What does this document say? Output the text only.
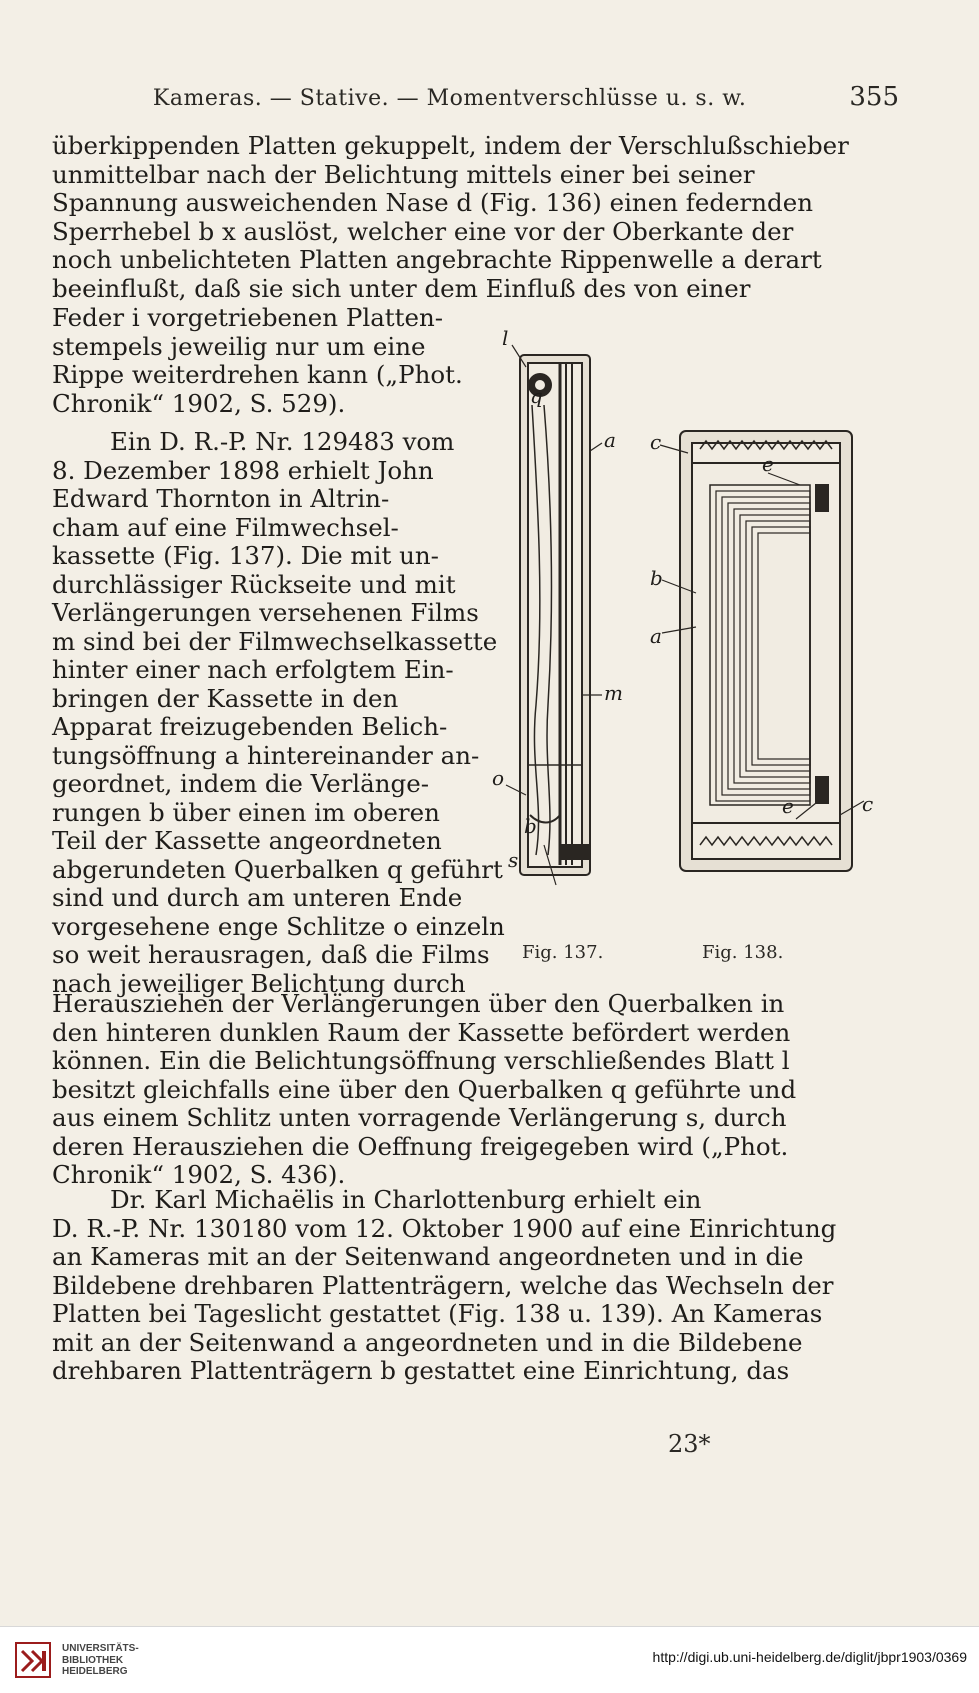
Kameras. — Stative. — Momentverschlüsse u. s. w.	355
überkippenden Platten gekuppelt, indem der Verschlußschieber
unmittelbar nach der Belichtung mittels einer bei seiner
Spannung ausweichenden Nase d (Fig. 136) einen federnden
Sperrhebel b x auslöst, welcher eine vor der Oberkante der
noch unbelichteten Platten angebrachte Rippenwelle a derart
beeinflußt, daß sie sich unter dem Einfluß des von einer
Feder i vorgetriebenen Platten-
stempels jeweilig nur um eine
Rippe weiterdrehen kann („Phot.
Chronik“ 1902, S. 529).
Ein D. R.-P. Nr. 129483 vom
8. Dezember 1898 erhielt John
Edward Thornton in Altrin-
cham auf eine Filmwechsel-
kassette (Fig. 137). Die mit un-
durchlässiger Rückseite und mit
Verlängerungen versehenen Films
m sind bei der Filmwechselkassette
hinter einer nach erfolgtem Ein-
bringen der Kassette in den
Apparat freizugebenden Belich-
tungsöffnung a hintereinander an-
geordnet, indem die Verlänge-
rungen b über einen im oberen
Teil der Kassette angeordneten
abgerundeten Querbalken q geführt
sind und durch am unteren Ende
vorgesehene enge Schlitze o einzeln
so weit herausragen, daß die Films
nach jeweiliger Belichtung durch
Herausziehen der Verlängerungen über den Querbalken in
den hinteren dunklen Raum der Kassette befördert werden
können. Ein die Belichtungsöffnung verschließendes Blatt l
besitzt gleichfalls eine über den Querbalken q geführte und
aus einem Schlitz unten vorragende Verlängerung s, durch
deren Herausziehen die Oeffnung freigegeben wird („Phot.
Chronik“ 1902, S. 436).
Dr. Karl Michaëlis in Charlottenburg erhielt ein
D. R.-P. Nr. 130180 vom 12. Oktober 1900 auf eine Einrichtung
an Kameras mit an der Seitenwand angeordneten und in die
Bildebene drehbaren Plattenträgern, welche das Wechseln der
Platten bei Tageslicht gestattet (Fig. 138 u. 139). An Kameras
mit an der Seitenwand a angeordneten und in die Bildebene
drehbaren Plattenträgern b gestattet eine Einrichtung, das
l
q
a
m
o
b
s
c
e
b
a
e	c
Fig. 137.	Fig. 138.
23*
UNIVERSITÄTS-
BIBLIOTHEK
HEIDELBERG
http://digi.ub.uni-heidelberg.de/diglit/jbpr1903/0369
